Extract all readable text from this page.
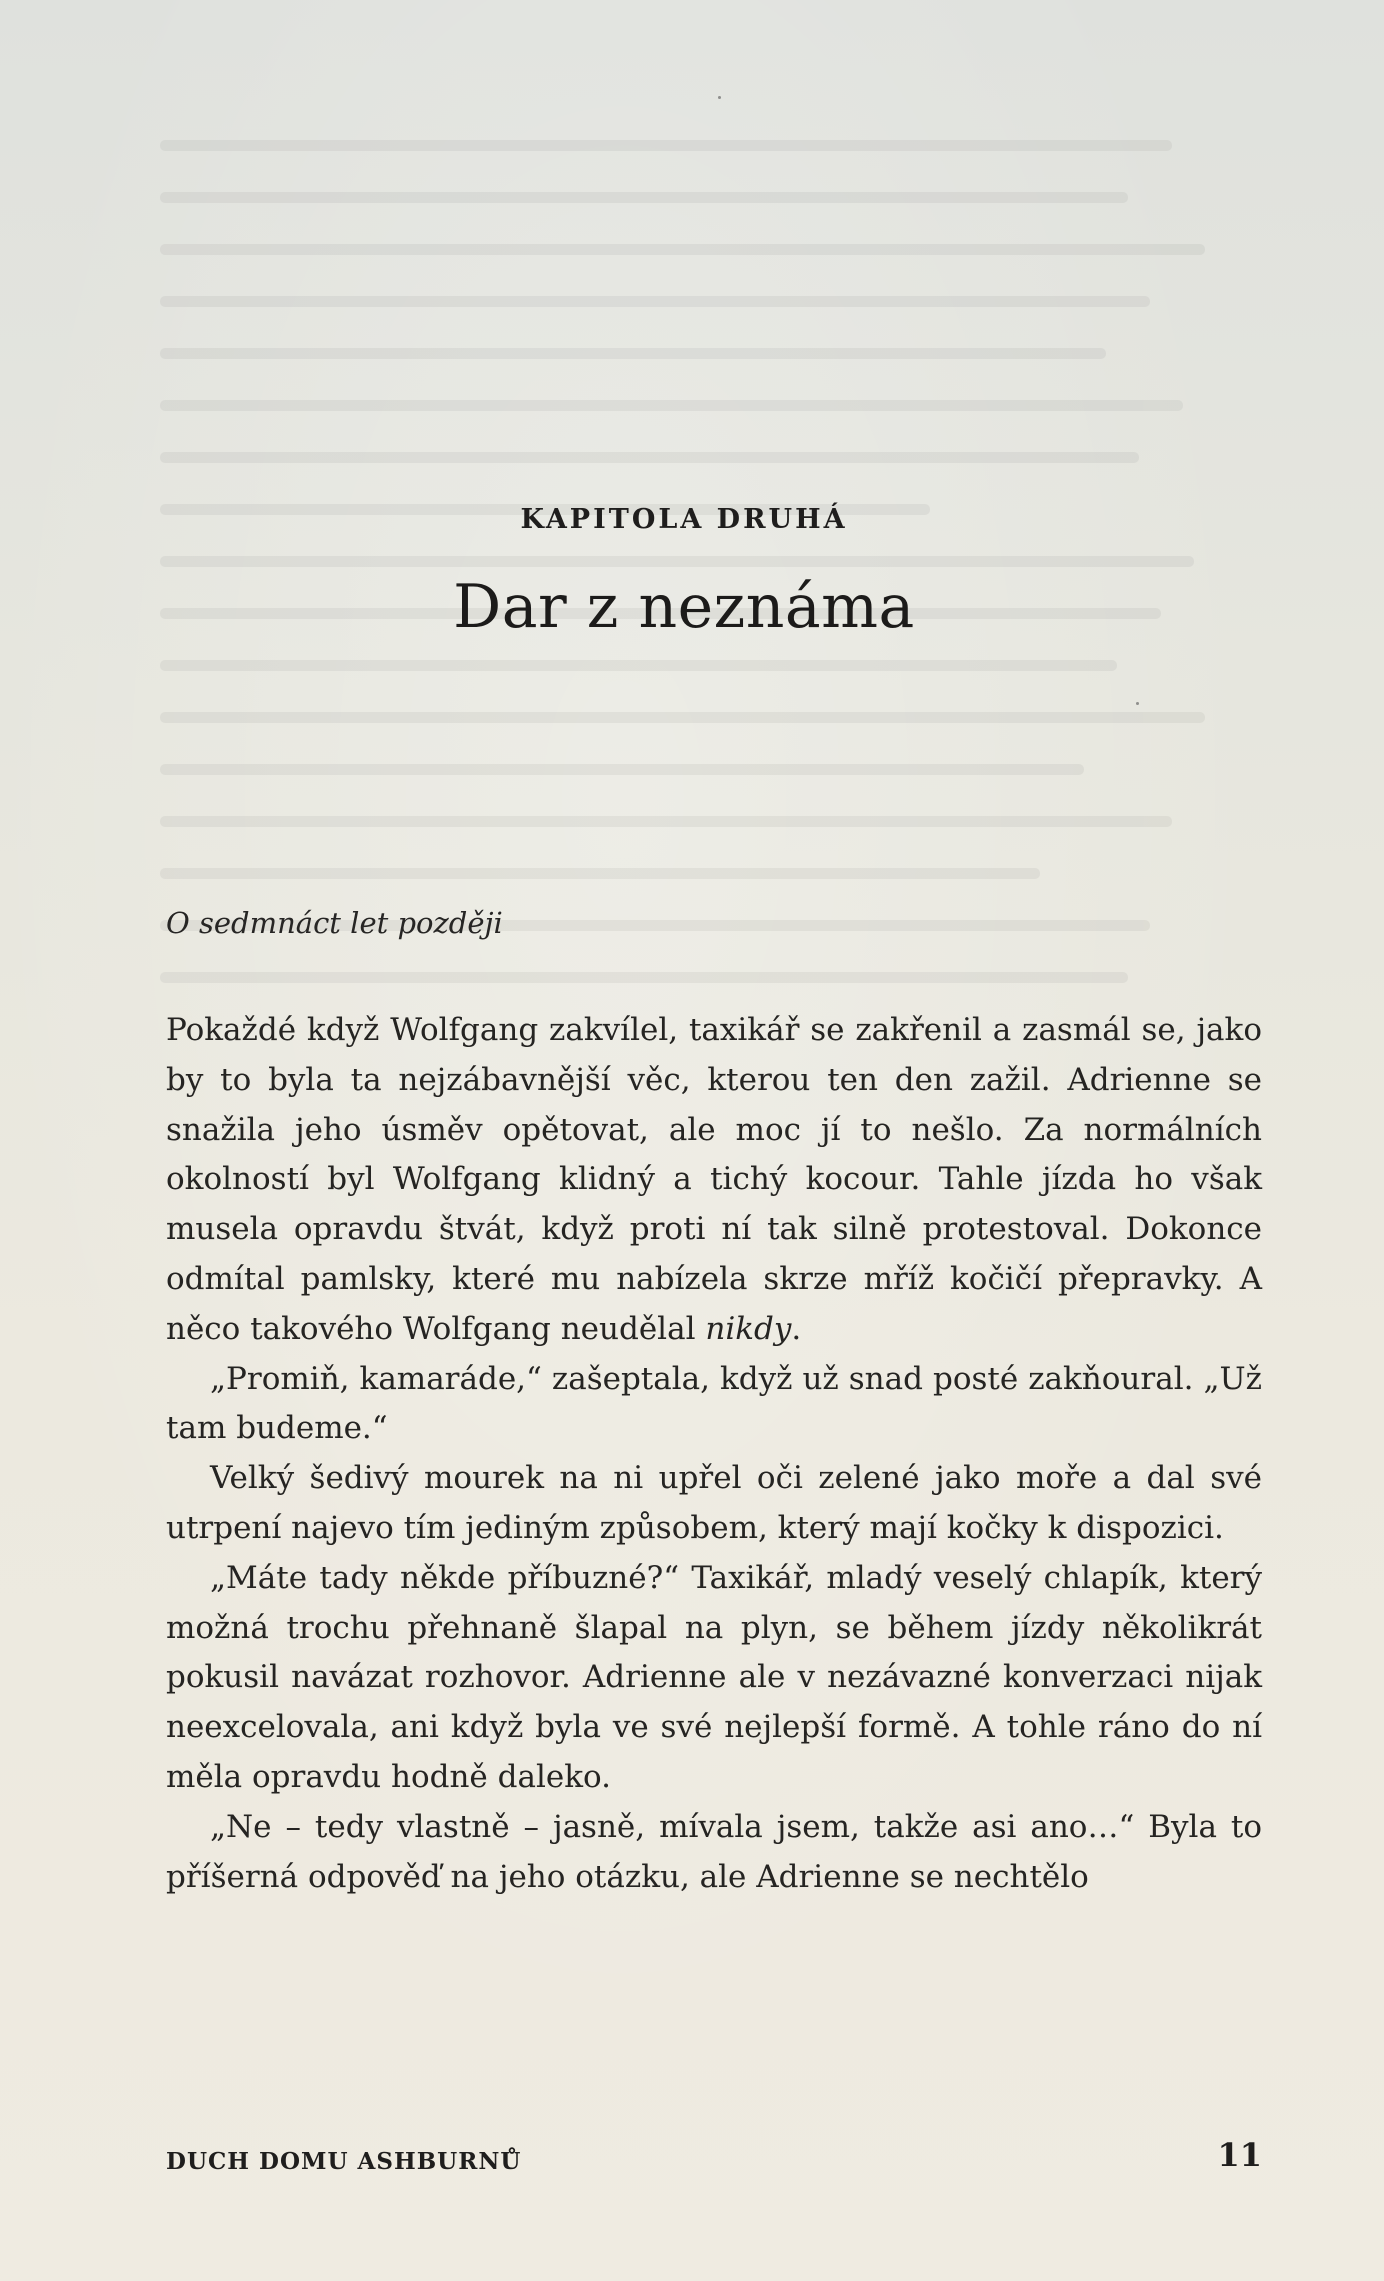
KAPITOLA DRUHÁ
Dar z neznáma
O sedmnáct let později

Pokaždé když Wolfgang zakvílel, taxikář se zakřenil a zasmál se, jako by to byla ta nejzábavnější věc, kterou ten den zažil. Adrienne se snažila jeho úsměv opětovat, ale moc jí to nešlo. Za normálních okolností byl Wolfgang klidný a tichý kocour. Tahle jízda ho však musela opravdu štvát, když proti ní tak silně protestoval. Dokonce odmítal pamlsky, které mu nabízela skrze mříž kočičí přepravky. A něco takového Wolfgang neudělal nikdy.

„Promiň, kamaráde,“ zašeptala, když už snad posté zakňoural. „Už tam budeme.“

Velký šedivý mourek na ni upřel oči zelené jako moře a dal své utrpení najevo tím jediným způsobem, který mají kočky k dispozici.

„Máte tady někde příbuzné?“ Taxikář, mladý veselý chlapík, který možná trochu přehnaně šlapal na plyn, se během jízdy několikrát pokusil navázat rozhovor. Adrienne ale v nezávazné konverzaci nijak neexcelovala, ani když byla ve své nejlepší formě. A tohle ráno do ní měla opravdu hodně daleko.

„Ne – tedy vlastně – jasně, mívala jsem, takže asi ano…“ Byla to příšerná odpověď na jeho otázku, ale Adrienne se nechtělo

DUCH DOMU ASHBURNŮ	11
